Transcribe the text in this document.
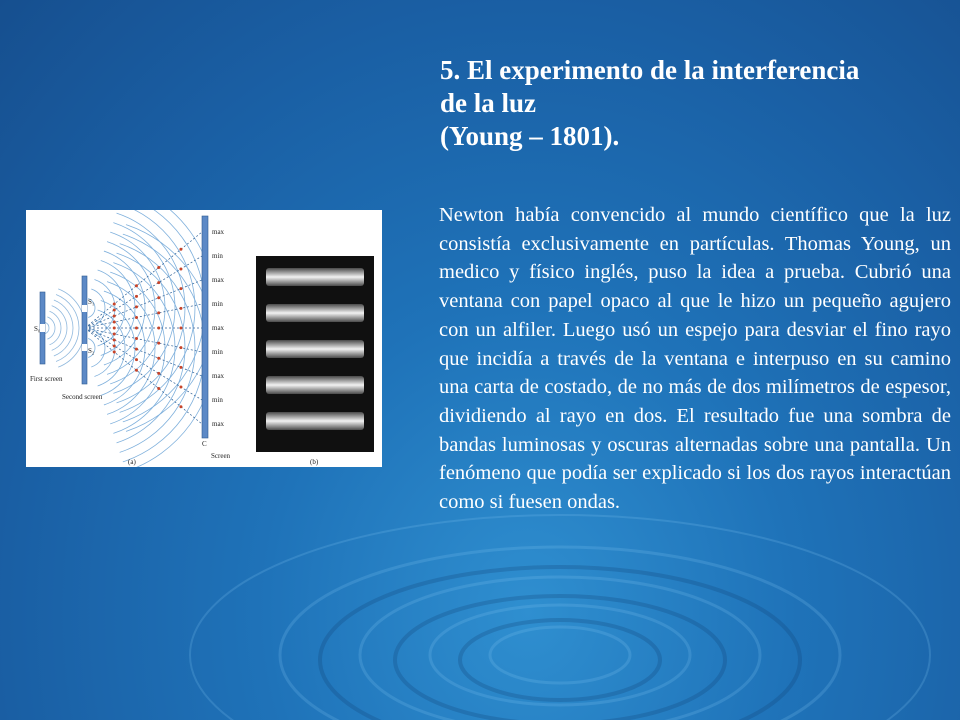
5. El experimento de la interferencia
de la luz
(Young – 1801).
Newton había convencido al mundo científico que la luz consistía exclusivamente en partículas. Thomas Young, un medico y físico inglés, puso la idea a prueba. Cubrió una ventana con papel opaco al que le hizo un pequeño agujero con un alfiler. Luego usó un espejo para desviar el fino rayo que incidía a través de la ventana e interpuso en su camino una carta de costado, de no más de dos milímetros de espesor, dividiendo al rayo en dos. El resultado fue una sombra de bandas luminosas y oscuras alternadas sobre una pantalla. Un fenómeno que podía ser explicado si los dos rayos interactúan como si fuesen ondas.
S₀
S₁
S₂
First screen
Second screen
C
Screen
(a)	(b)
max
min
max
min
max
min
max
min
max
